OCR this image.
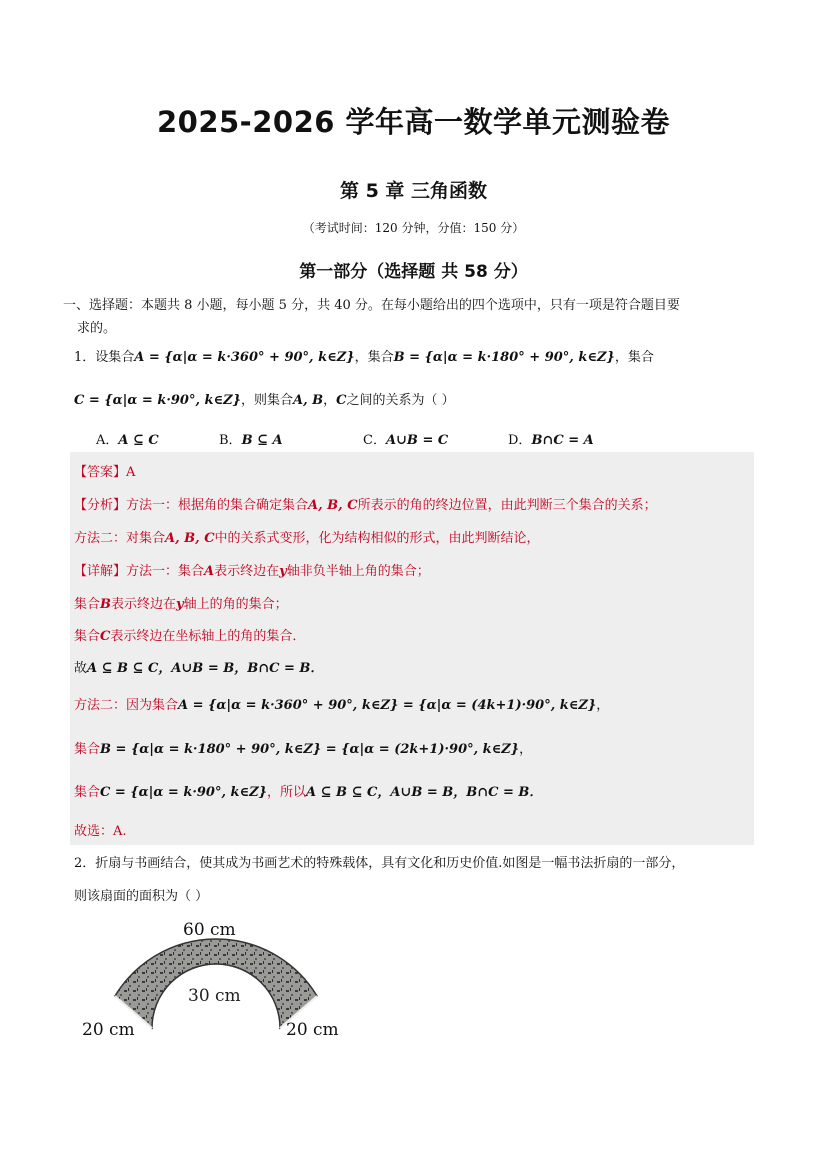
2025-2026 学年高一数学单元测验卷
第 5 章 三角函数
（考试时间：120 分钟，分值：150 分）
第一部分（选择题 共 58 分）
一、选择题：本题共 8 小题，每小题 5 分，共 40 分。在每小题给出的四个选项中，只有一项是符合题目要
求的。
1．设集合A = {α|α = k·360° + 90°, k∈Z}，集合B = {α|α = k·180° + 90°, k∈Z}，集合
C = {α|α = k·90°, k∈Z}，则集合A, B，C之间的关系为（ ）
A．A ⊆ C	B．B ⊆ A	C．A∪B = C	D．B∩C = A
【答案】A
【分析】方法一：根据角的集合确定集合A, B, C所表示的角的终边位置，由此判断三个集合的关系；
方法二：对集合A, B, C中的关系式变形，化为结构相似的形式，由此判断结论，
【详解】方法一：集合A表示终边在y轴非负半轴上角的集合；
集合B表示终边在y轴上的角的集合；
集合C表示终边在坐标轴上的角的集合．
故A ⊆ B ⊆ C，A∪B = B，B∩C = B．
方法二：因为集合A = {α|α = k·360° + 90°, k∈Z} = {α|α = (4k+1)·90°, k∈Z}，
集合B = {α|α = k·180° + 90°, k∈Z} = {α|α = (2k+1)·90°, k∈Z}，
集合C = {α|α = k·90°, k∈Z}，所以A ⊆ B ⊆ C，A∪B = B，B∩C = B．
故选：A.
2．折扇与书画结合，使其成为书画艺术的特殊载体，具有文化和历史价值.如图是一幅书法折扇的一部分，
则该扇面的面积为（ ）
60 cm
30 cm
20 cm	20 cm
